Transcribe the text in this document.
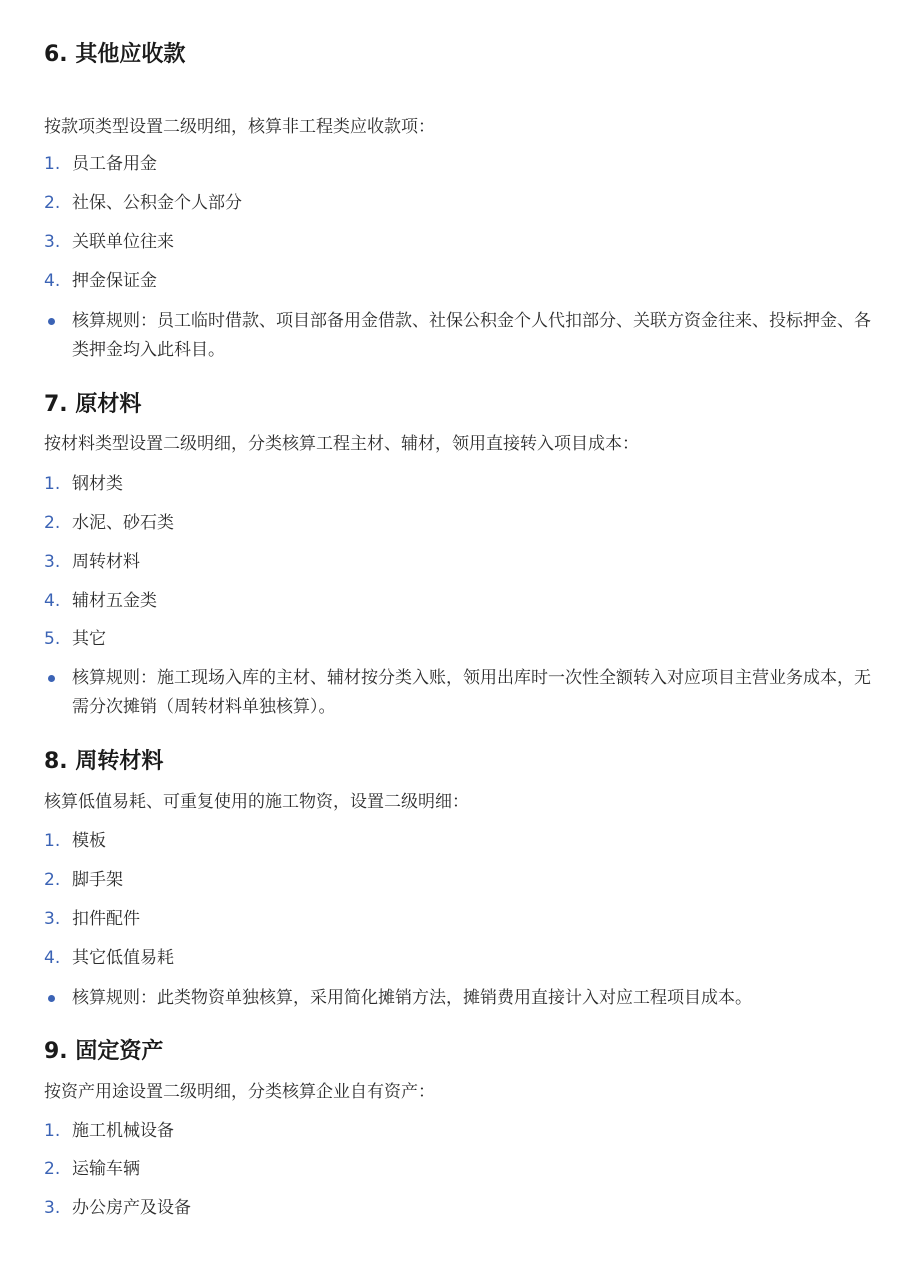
6. 其他应收款
按款项类型设置二级明细，核算非工程类应收款项：
1. 员工备用金
2. 社保、公积金个人部分
3. 关联单位往来
4. 押金保证金
核算规则：员工临时借款、项目部备用金借款、社保公积金个人代扣部分、关联方资金往来、投标押金、各类押金均入此科目。
7. 原材料
按材料类型设置二级明细，分类核算工程主材、辅材，领用直接转入项目成本：
1. 钢材类
2. 水泥、砂石类
3. 周转材料
4. 辅材五金类
5. 其它
核算规则：施工现场入库的主材、辅材按分类入账，领用出库时一次性全额转入对应项目主营业务成本，无需分次摊销（周转材料单独核算）。
8. 周转材料
核算低值易耗、可重复使用的施工物资，设置二级明细：
1. 模板
2. 脚手架
3. 扣件配件
4. 其它低值易耗
核算规则：此类物资单独核算，采用简化摊销方法，摊销费用直接计入对应工程项目成本。
9. 固定资产
按资产用途设置二级明细，分类核算企业自有资产：
1. 施工机械设备
2. 运输车辆
3. 办公房产及设备
